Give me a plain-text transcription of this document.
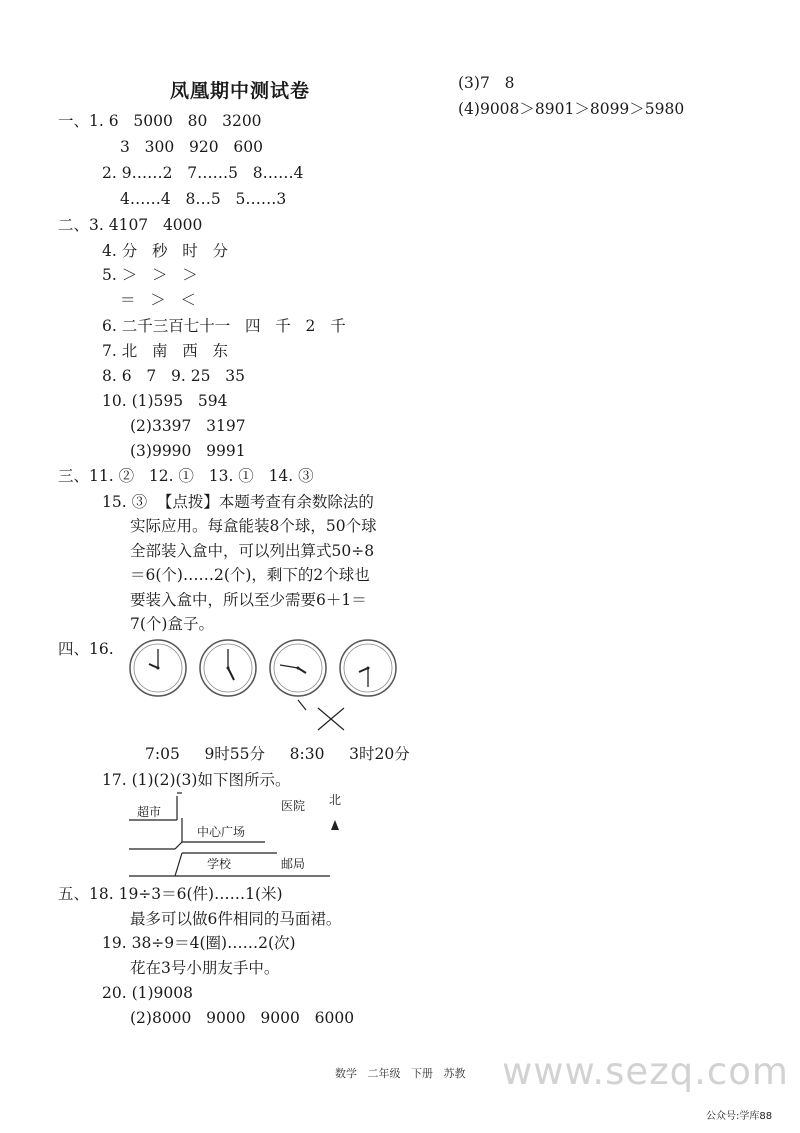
凤凰期中测试卷
一、1. 6   5000   80   3200
3   300   920   600
2. 9……2   7……5   8……4
4……4   8…5   5……3
二、3. 4107   4000
4. 分   秒   时   分
5. ＞   ＞   ＞
＝   ＞   ＜
6. 二千三百七十一   四   千   2   千
7. 北   南   西   东
8. 6   7   9. 25   35
10. (1)595   594
(2)3397   3197
(3)9990   9991
三、11. ②   12. ①   13. ①   14. ③
15. ③  【点拨】本题考查有余数除法的
实际应用。每盒能装8个球，50个球
全部装入盒中，可以列出算式50÷8
＝6(个)……2(个)，剩下的2个球也
要装入盒中，所以至少需要6＋1＝
7(个)盒子。
四、16.
7:05     9时55分     8:30     3时20分
17. (1)(2)(3)如下图所示。
五、18. 19÷3＝6(件)……1(米)
最多可以做6件相同的马面裙。
19. 38÷9＝4(圈)……2(次)
花在3号小朋友手中。
20. (1)9008
(2)8000   9000   9000   6000
(3)7   8
(4)9008＞8901＞8099＞5980
超市	医院 北
中心广场
学校	邮局
数学   二年级   下册   苏教 www.sezq.com
公众号:学库88
